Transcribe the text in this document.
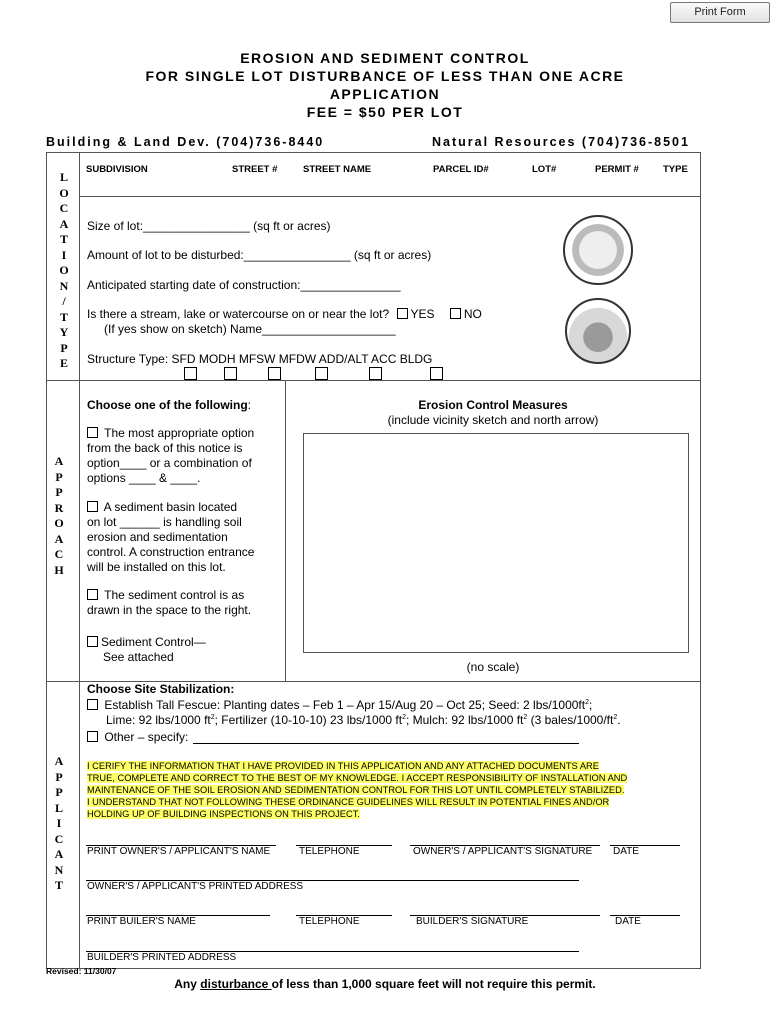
Print Form
EROSION AND SEDIMENT CONTROL
FOR SINGLE LOT DISTURBANCE OF LESS THAN ONE ACRE
APPLICATION
FEE = $50 PER LOT
Building & Land Dev. (704)736-8440	Natural Resources (704)736-8501
L
O
C
A
T
I
O
N
/
T
Y
P
E
SUBDIVISION	STREET #	STREET NAME	PARCEL ID#	LOT#	PERMIT #	TYPE
Size of lot:________________ (sq ft or acres)
Amount of lot to be disturbed:________________ (sq ft or acres)
Anticipated starting date of construction:_______________
Is there a stream, lake or watercourse on or near the lot? YES NO
(If yes show on sketch) Name____________________
Structure Type: SFD MODH MFSW MFDW ADD/ALT ACC BLDG
A
P
P
R
O
A
C
H
Choose one of the following:
The most appropriate option
from the back of this notice is
option____ or a combination of
options ____ & ____.
A sediment basin located
on lot ______ is handling soil
erosion and sedimentation
control. A construction entrance
will be installed on this lot.
The sediment control is as
drawn in the space to the right.
Sediment Control—
See attached
Erosion Control Measures
(include vicinity sketch and north arrow)
(no scale)
A
P
P
L
I
C
A
N
T
Choose Site Stabilization:
Establish Tall Fescue: Planting dates – Feb 1 – Apr 15/Aug 20 – Oct 25; Seed: 2 lbs/$1000ft^2$;
Lime: 92 lbs/1000 $ft^2$; Fertilizer (10-10-10) 23 lbs/1000 $ft^2$; Mulch: 92 lbs/1000 $ft^2$ (3 bales/$1000/ft^2$.
Other – specify:
I CERIFY THE INFORMATION THAT I HAVE PROVIDED IN THIS APPLICATION AND ANY ATTACHED DOCUMENTS ARE
TRUE, COMPLETE AND CORRECT TO THE BEST OF MY KNOWLEDGE. I ACCEPT RESPONSIBILITY OF INSTALLATION AND
MAINTENANCE OF THE SOIL EROSION AND SEDIMENTATION CONTROL FOR THIS LOT UNTIL COMPLETELY STABILIZED.
I UNDERSTAND THAT NOT FOLLOWING THESE ORDINANCE GUIDELINES WILL RESULT IN POTENTIAL FINES AND/OR
HOLDING UP OF BUILDING INSPECTIONS ON THIS PROJECT.
PRINT OWNER'S / APPLICANT'S NAME	TELEPHONE	OWNER'S / APPLICANT'S SIGNATURE DATE
OWNER'S / APPLICANT'S PRINTED ADDRESS
PRINT BUILER'S NAME	TELEPHONE	BUILDER'S SIGNATURE	DATE
BUILDER'S PRINTED ADDRESS
Revised: 11/30/07
Any disturbance of less than 1,000 square feet will not require this permit.
